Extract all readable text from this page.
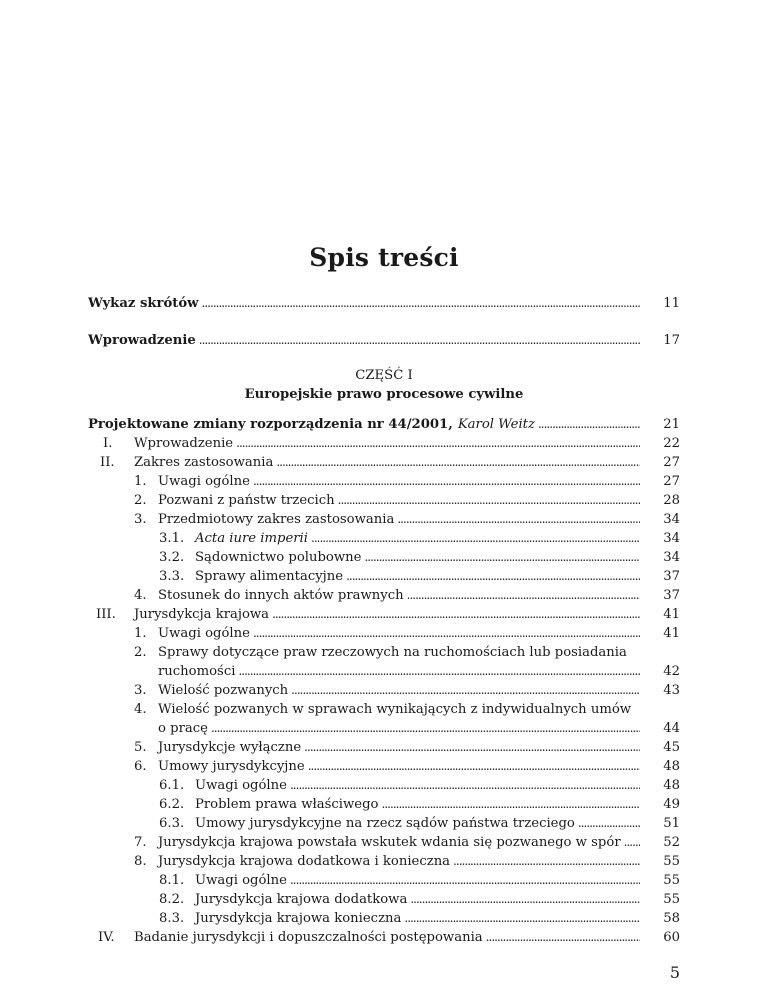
Spis treści
Wykaz skrótów . . .	11
Wprowadzenie . . .	17
CZĘŚĆ I
Europejskie prawo procesowe cywilne
Projektowane zmiany rozporządzenia nr 44/2001, Karol Weitz . . .	21
I.	Wprowadzenie . . .	22
II.	Zakres zastosowania . . .	27
1. Uwagi ogólne . . .	27
2. Pozwani z państw trzecich . . .	28
3. Przedmiotowy zakres zastosowania . . .	34
3.1. Acta iure imperii . . .	34
3.2. Sądownictwo polubowne . . .	34
3.3. Sprawy alimentacyjne . . .	37
4. Stosunek do innych aktów prawnych . . .	37
III.	Jurysdykcja krajowa . . .	41
1. Uwagi ogólne . . .	41
2. Sprawy dotyczące praw rzeczowych na ruchomościach lub posiadania
ruchomości . . .	42
3. Wielość pozwanych . . .	43
4. Wielość pozwanych w sprawach wynikających z indywidualnych umów
o pracę . . .	44
5. Jurysdykcje wyłączne . . .	45
6. Umowy jurysdykcyjne . . .	48
6.1. Uwagi ogólne . . .	48
6.2. Problem prawa właściwego . . .	49
6.3. Umowy jurysdykcyjne na rzecz sądów państwa trzeciego . . .	51
7. Jurysdykcja krajowa powstała wskutek wdania się pozwanego w spór . . .	52
8. Jurysdykcja krajowa dodatkowa i konieczna . . .	55
8.1. Uwagi ogólne . . .	55
8.2. Jurysdykcja krajowa dodatkowa . . .	55
8.3. Jurysdykcja krajowa konieczna . . .	58
IV.	Badanie jurysdykcji i dopuszczalności postępowania . . .	60
5
